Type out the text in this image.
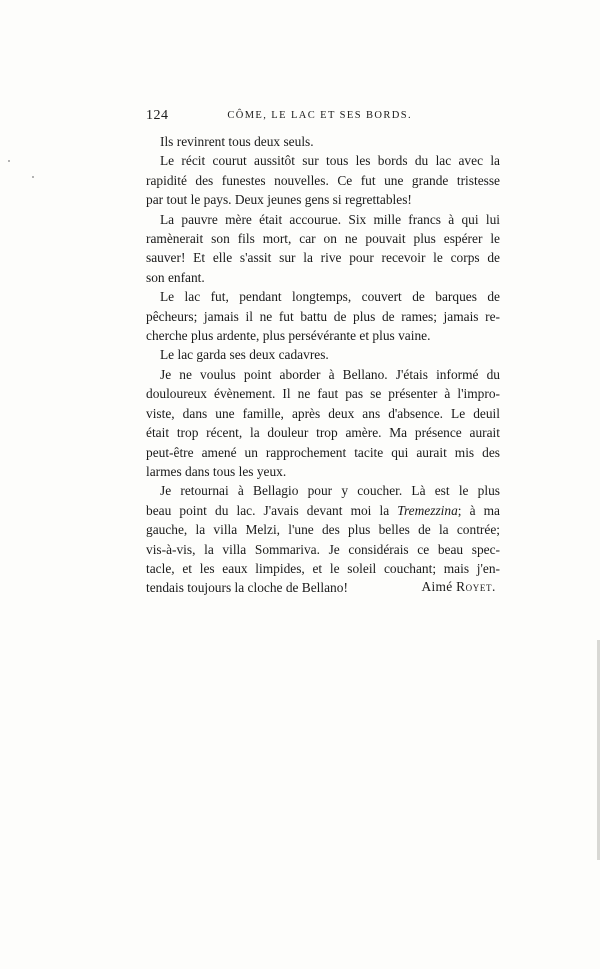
124	CÔME, LE LAC ET SES BORDS.
Ils revinrent tous deux seuls.
Le récit courut aussitôt sur tous les bords du lac avec la
rapidité des funestes nouvelles. Ce fut une grande tristesse
par tout le pays. Deux jeunes gens si regrettables!
La pauvre mère était accourue. Six mille francs à qui lui
ramènerait son fils mort, car on ne pouvait plus espérer le
sauver! Et elle s'assit sur la rive pour recevoir le corps de
son enfant.
Le lac fut, pendant longtemps, couvert de barques de
pêcheurs; jamais il ne fut battu de plus de rames; jamais re-
cherche plus ardente, plus persévérante et plus vaine.
Le lac garda ses deux cadavres.
Je ne voulus point aborder à Bellano. J'étais informé du
douloureux évènement. Il ne faut pas se présenter à l'impro-
viste, dans une famille, après deux ans d'absence. Le deuil
était trop récent, la douleur trop amère. Ma présence aurait
peut-être amené un rapprochement tacite qui aurait mis des
larmes dans tous les yeux.
Je retournai à Bellagio pour y coucher. Là est le plus
beau point du lac. J'avais devant moi la Tremezzina; à ma
gauche, la villa Melzi, l'une des plus belles de la contrée;
vis-à-vis, la villa Sommariva. Je considérais ce beau spec-
tacle, et les eaux limpides, et le soleil couchant; mais j'en-
tendais toujours la cloche de Bellano!	Aimé Royet.
